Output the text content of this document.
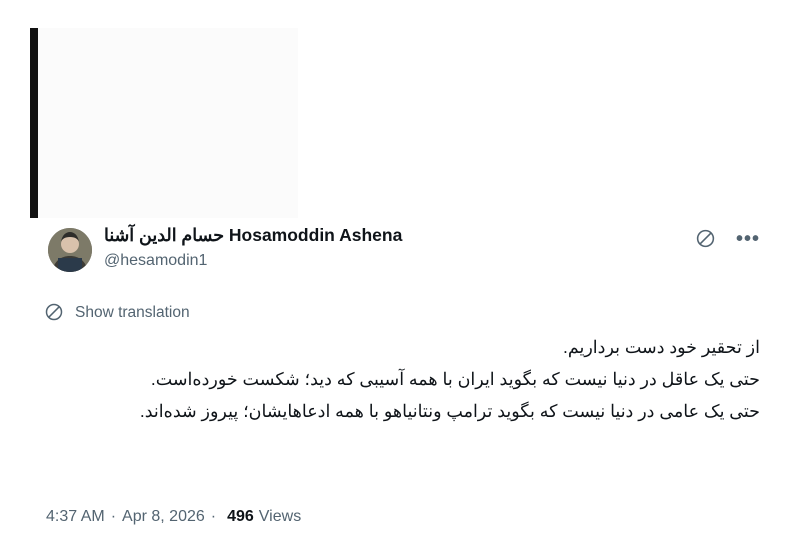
حسام الدین آشنا Hosamoddin Ashena
@hesamodin1
•••
Show translation

از تحقیر خود دست برداریم.

حتی یک عاقل در دنیا نیست که بگوید ایران با همه آسیبی که دید؛ شکست خورده‌است.

حتی یک عامی در دنیا نیست که بگوید ترامپ ونتانیاهو با همه ادعاهایشان؛ پیروز شده‌اند.

4:37 AM · Apr 8, 2026 · 496 Views
